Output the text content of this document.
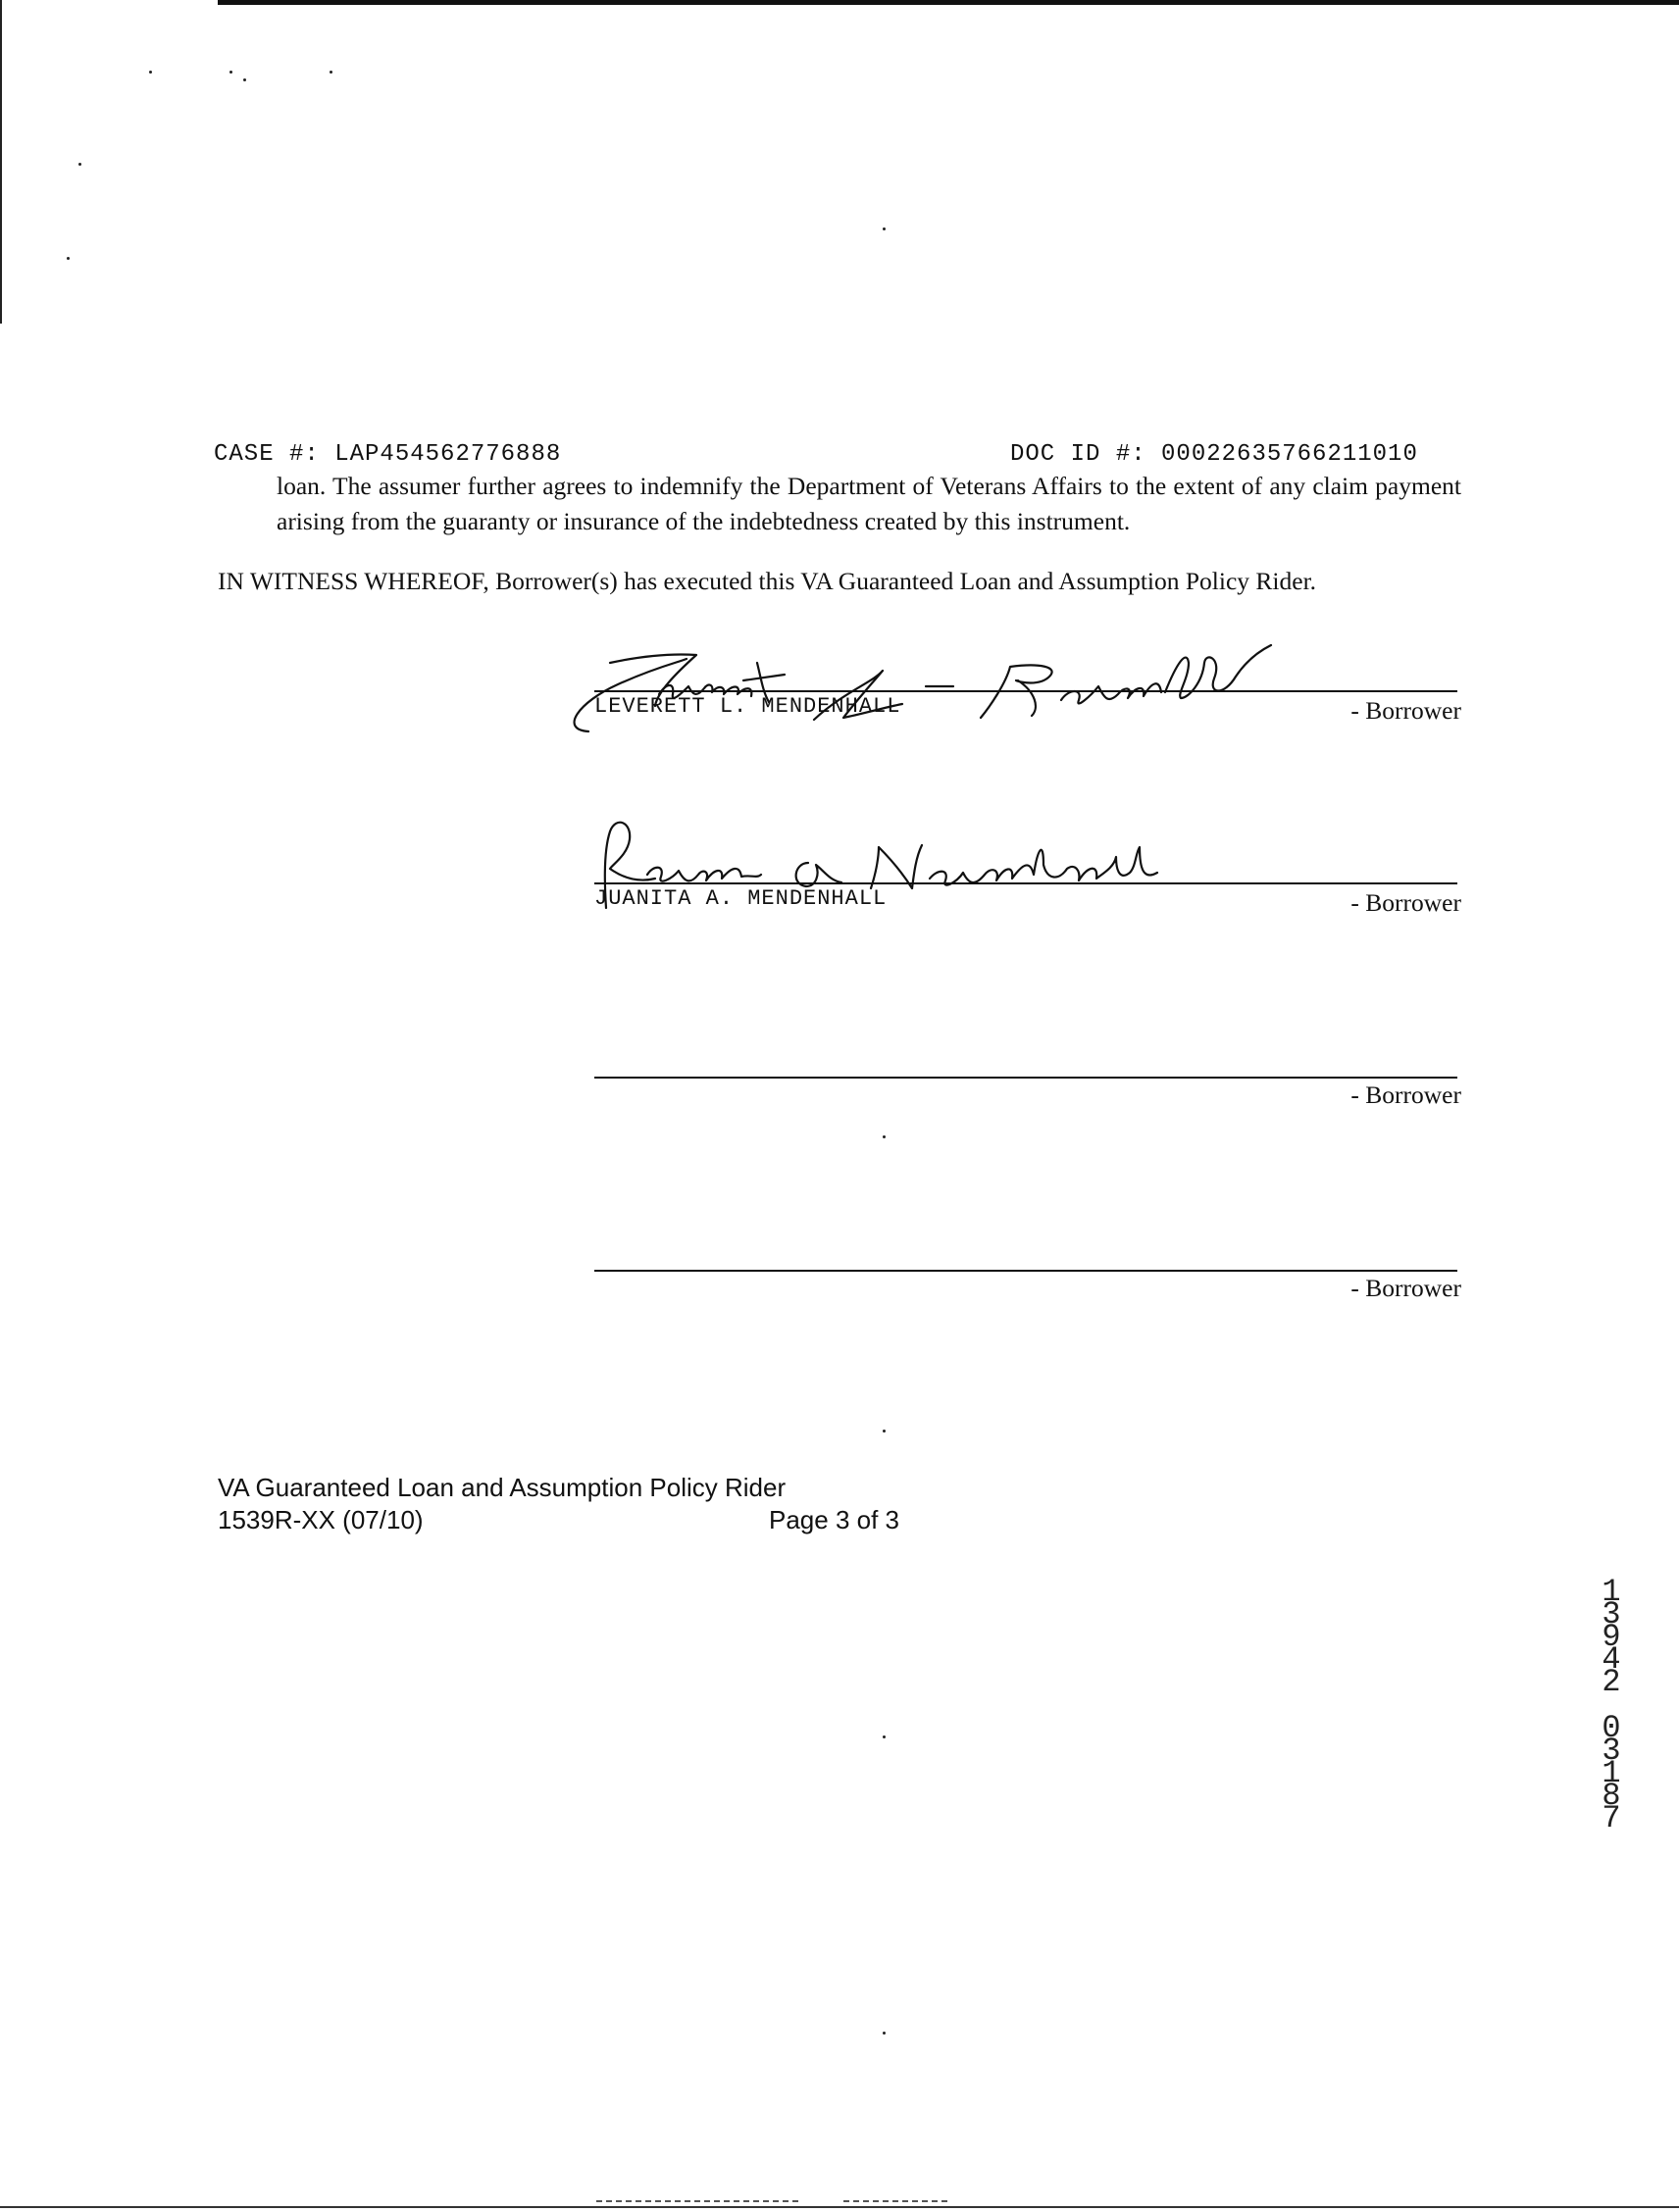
CASE #: LAP454562776888	DOC ID #: 00022635766211010
loan. The assumer further agrees to indemnify the Department of Veterans Affairs to the extent of any claim payment arising from the guaranty or insurance of the indebtedness created by this instrument.
IN WITNESS WHEREOF, Borrower(s) has executed this VA Guaranteed Loan and Assumption Policy Rider.
LEVERETT L. MENDENHALL	- Borrower
JUANITA A. MENDENHALL	- Borrower
- Borrower
- Borrower
VA Guaranteed Loan and Assumption Policy Rider
1539R-XX (07/10)	Page 3 of 3
13942
03187
